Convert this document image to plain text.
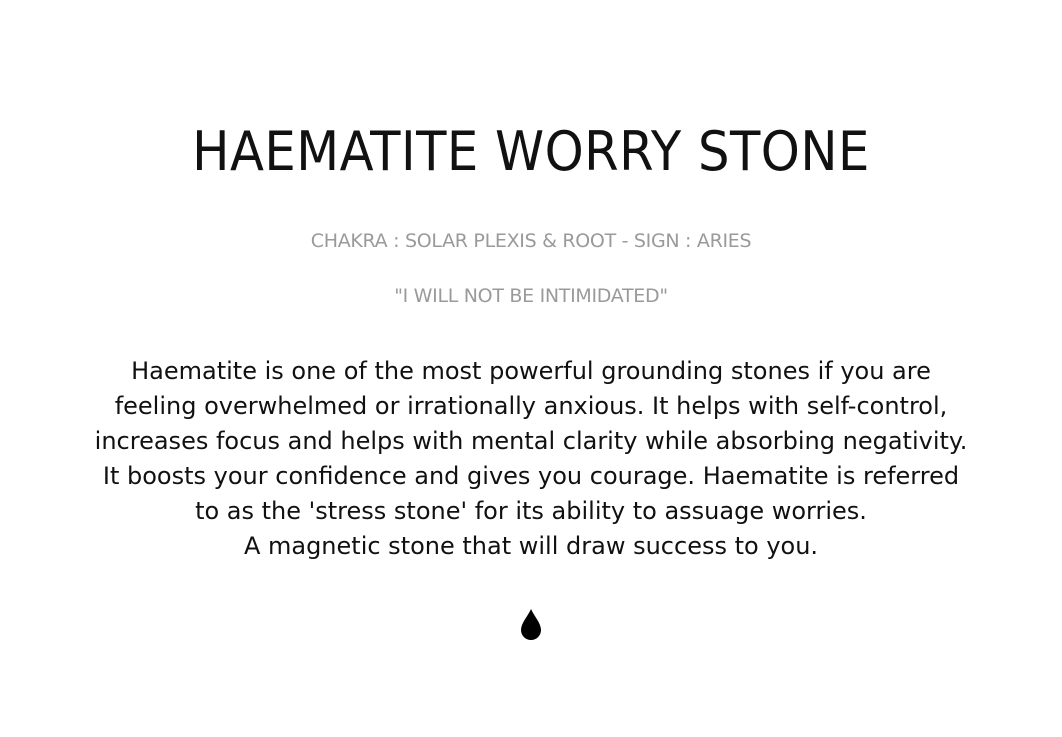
HAEMATITE WORRY STONE

CHAKRA : SOLAR PLEXIS & ROOT - SIGN : ARIES

"I WILL NOT BE INTIMIDATED"

Haematite is one of the most powerful grounding stones if you are
feeling overwhelmed or irrationally anxious. It helps with self-control,
increases focus and helps with mental clarity while absorbing negativity.
It boosts your confidence and gives you courage. Haematite is referred
to as the 'stress stone' for its ability to assuage worries.
A magnetic stone that will draw success to you.
